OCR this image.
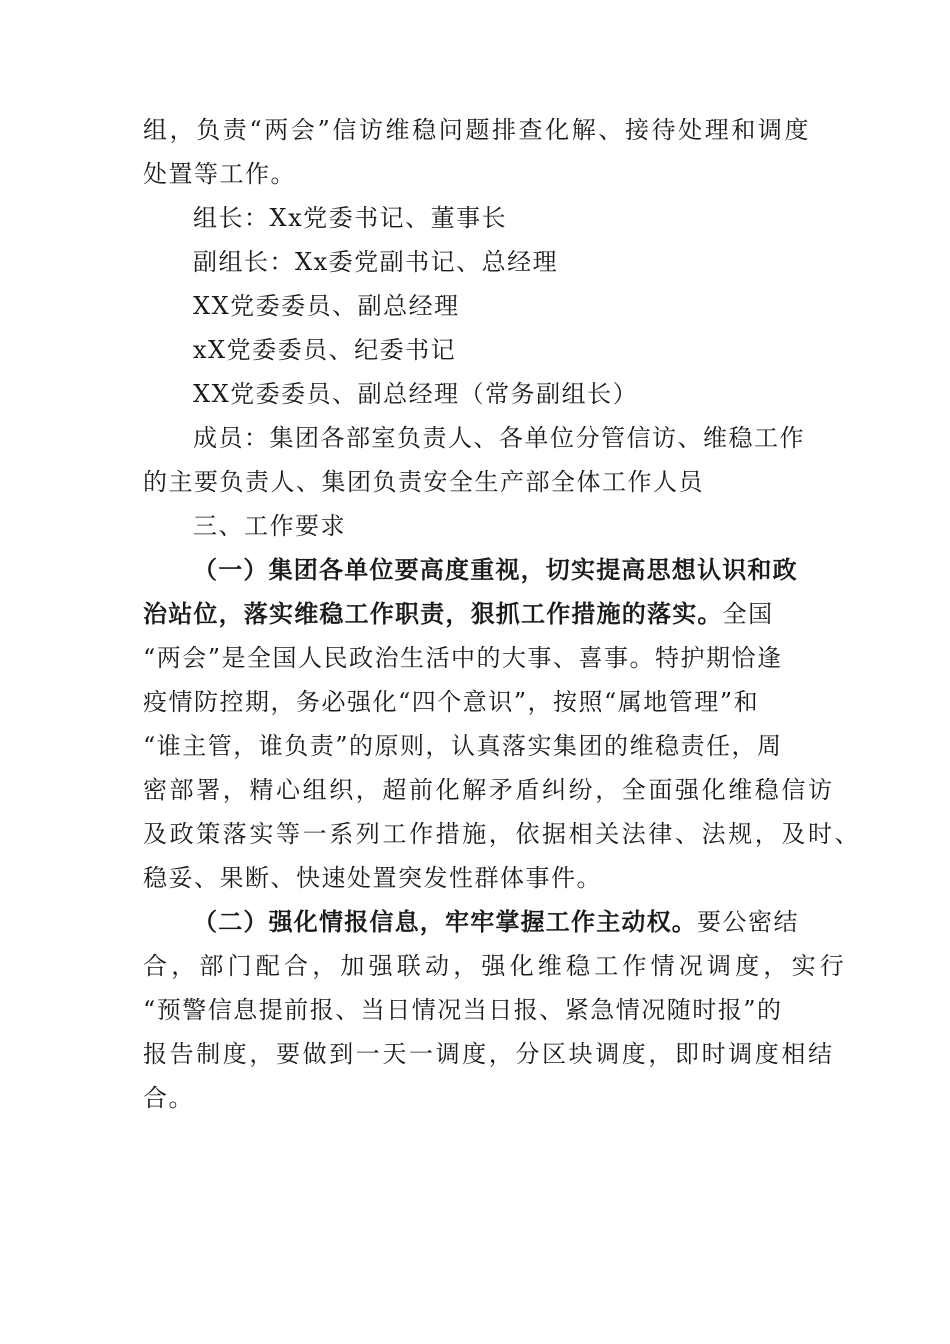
组，负责“两会”信访维稳问题排查化解、接待处理和调度
处置等工作。
组长：Xx党委书记、董事长
副组长：Xx委党副书记、总经理
XX党委委员、副总经理
xX党委委员、纪委书记
XX党委委员、副总经理（常务副组长）
成员：集团各部室负责人、各单位分管信访、维稳工作
的主要负责人、集团负责安全生产部全体工作人员
三、工作要求
（一）集团各单位要高度重视，切实提高思想认识和政
治站位，落实维稳工作职责，狠抓工作措施的落实。全国
“两会”是全国人民政治生活中的大事、喜事。特护期恰逢
疫情防控期，务必强化“四个意识”，按照“属地管理”和
“谁主管，谁负责”的原则，认真落实集团的维稳责任，周
密部署，精心组织，超前化解矛盾纠纷，全面强化维稳信访
及政策落实等一系列工作措施，依据相关法律、法规，及时、
稳妥、果断、快速处置突发性群体事件。
（二）强化情报信息，牢牢掌握工作主动权。要公密结
合，部门配合，加强联动，强化维稳工作情况调度，实行
“预警信息提前报、当日情况当日报、紧急情况随时报”的
报告制度，要做到一天一调度，分区块调度，即时调度相结
合。
